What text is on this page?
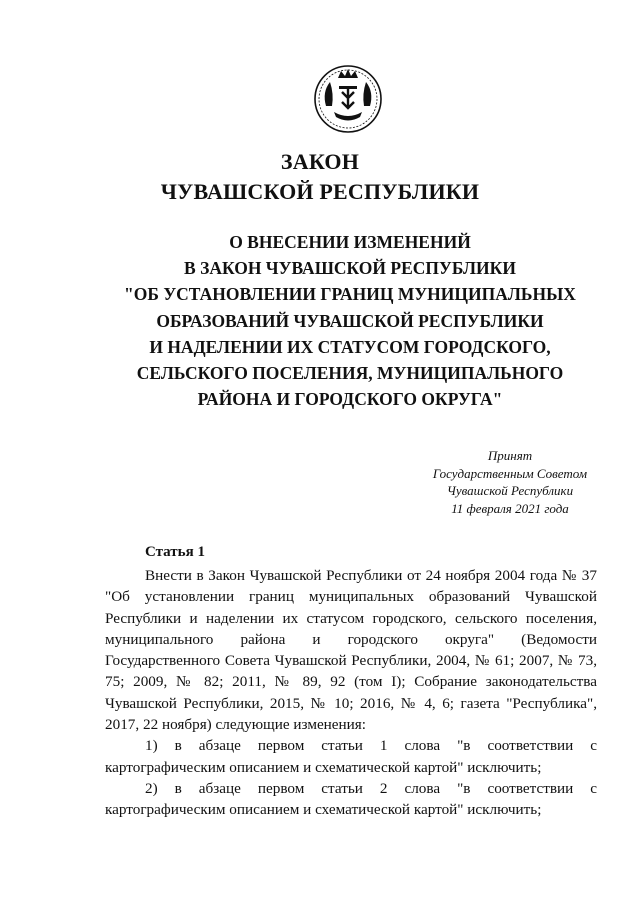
ЗАКОН
ЧУВАШСКОЙ РЕСПУБЛИКИ
О ВНЕСЕНИИ ИЗМЕНЕНИЙ
В ЗАКОН ЧУВАШСКОЙ РЕСПУБЛИКИ
"ОБ УСТАНОВЛЕНИИ ГРАНИЦ МУНИЦИПАЛЬНЫХ
ОБРАЗОВАНИЙ ЧУВАШСКОЙ РЕСПУБЛИКИ
И НАДЕЛЕНИИ ИХ СТАТУСОМ ГОРОДСКОГО,
СЕЛЬСКОГО ПОСЕЛЕНИЯ, МУНИЦИПАЛЬНОГО
РАЙОНА И ГОРОДСКОГО ОКРУГА"
Принят
Государственным Советом
Чувашской Республики
11 февраля 2021 года
Статья 1

Внести в Закон Чувашской Республики от 24 ноября 2004 года № 37 "Об установлении границ муниципальных образований Чувашской Республики и наделении их статусом городского, сельского поселения, муниципального района и городского округа" (Ведомости Государственного Совета Чувашской Республики, 2004, № 61; 2007, № 73, 75; 2009, № 82; 2011, № 89, 92 (том I); Собрание законодательства Чувашской Республики, 2015, № 10; 2016, № 4, 6; газета "Республика", 2017, 22 ноября) следующие изменения:

1) в абзаце первом статьи 1 слова "в соответствии с картографическим описанием и схематической картой" исключить;

2) в абзаце первом статьи 2 слова "в соответствии с картографическим описанием и схематической картой" исключить;
